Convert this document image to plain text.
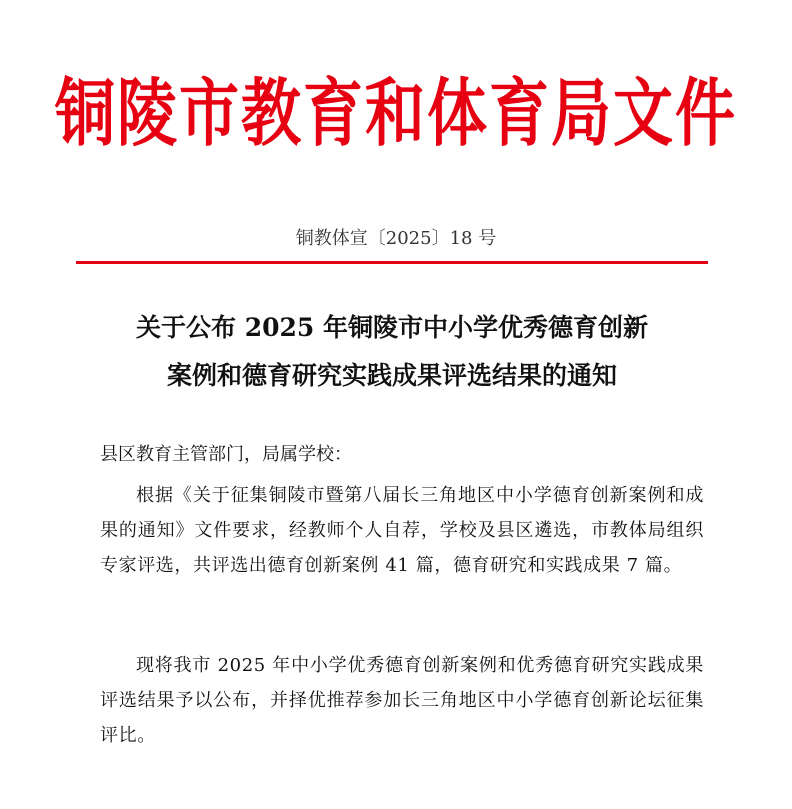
铜陵市教育和体育局文件
铜教体宣〔2025〕18 号
关于公布 2025 年铜陵市中小学优秀德育创新
案例和德育研究实践成果评选结果的通知
县区教育主管部门，局属学校：
根据《关于征集铜陵市暨第八届长三角地区中小学德育创新案例和成果的通知》文件要求，经教师个人自荐，学校及县区遴选，市教体局组织专家评选，共评选出德育创新案例 41 篇，德育研究和实践成果 7 篇。
现将我市 2025 年中小学优秀德育创新案例和优秀德育研究实践成果评选结果予以公布，并择优推荐参加长三角地区中小学德育创新论坛征集评比。
